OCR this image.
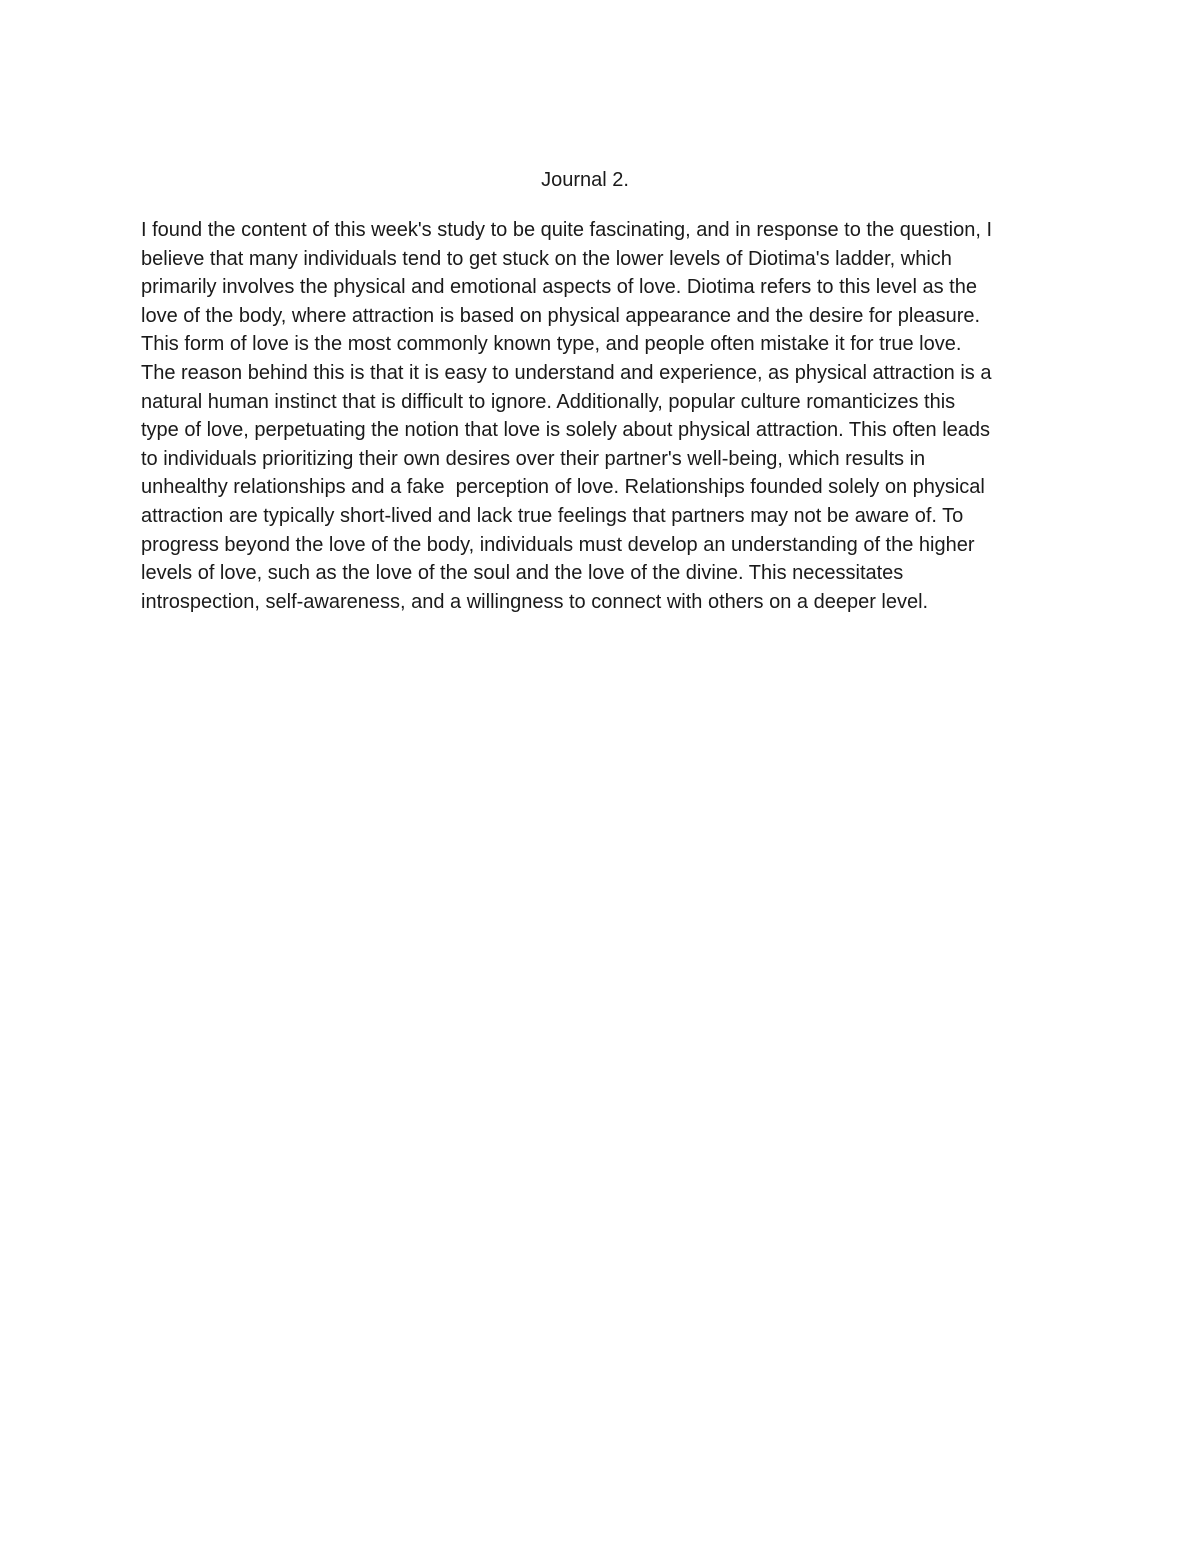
Journal 2.

I found the content of this week's study to be quite fascinating, and in response to the question, I
believe that many individuals tend to get stuck on the lower levels of Diotima's ladder, which
primarily involves the physical and emotional aspects of love. Diotima refers to this level as the
love of the body, where attraction is based on physical appearance and the desire for pleasure.
This form of love is the most commonly known type, and people often mistake it for true love.
The reason behind this is that it is easy to understand and experience, as physical attraction is a
natural human instinct that is difficult to ignore. Additionally, popular culture romanticizes this
type of love, perpetuating the notion that love is solely about physical attraction. This often leads
to individuals prioritizing their own desires over their partner's well-being, which results in
unhealthy relationships and a fake  perception of love. Relationships founded solely on physical
attraction are typically short-lived and lack true feelings that partners may not be aware of. To
progress beyond the love of the body, individuals must develop an understanding of the higher
levels of love, such as the love of the soul and the love of the divine. This necessitates
introspection, self-awareness, and a willingness to connect with others on a deeper level.
